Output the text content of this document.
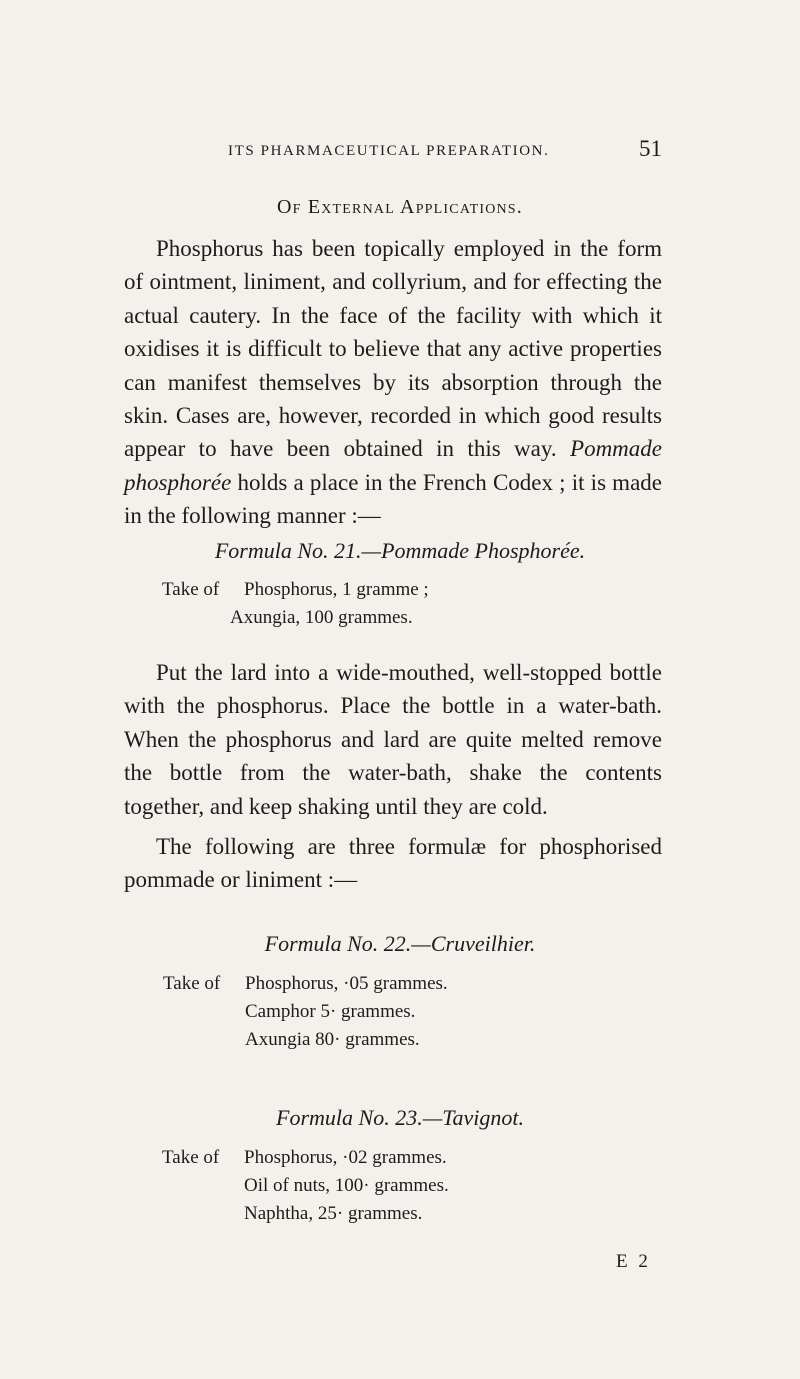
ITS PHARMACEUTICAL PREPARATION.	51
Of External Applications.

Phosphorus has been topically employed in the form of ointment, liniment, and collyrium, and for effecting the actual cautery. In the face of the facility with which it oxidises it is difficult to believe that any active properties can manifest themselves by its absorption through the skin. Cases are, however, recorded in which good results appear to have been obtained in this way. Pommade phosphorée holds a place in the French Codex ; it is made in the following manner :—

Formula No. 21.—Pommade Phosphorée.
Take of Phosphorus, 1 gramme ;
Axungia, 100 grammes.

Put the lard into a wide-mouthed, well-stopped bottle with the phosphorus. Place the bottle in a water-bath. When the phosphorus and lard are quite melted remove the bottle from the water-bath, shake the contents together, and keep shaking until they are cold.

The following are three formulæ for phosphorised pommade or liniment :—

Formula No. 22.—Cruveilhier.
Take of Phosphorus, ·05 grammes.
Camphor 5· grammes.
Axungia 80· grammes.
Formula No. 23.—Tavignot.
Take of Phosphorus, ·02 grammes.
Oil of nuts, 100· grammes.
Naphtha, 25· grammes.
E 2
